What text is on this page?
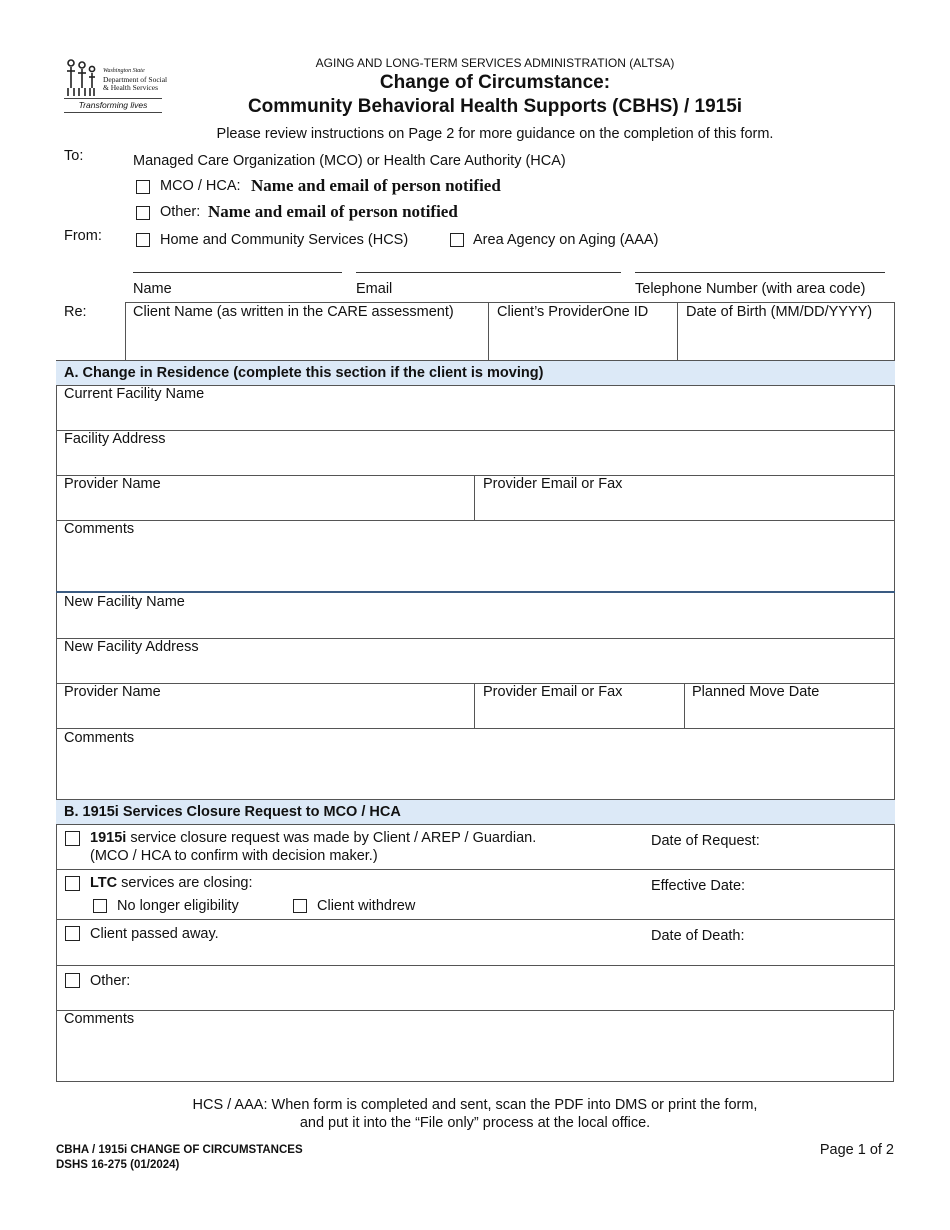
Washington State
Department of Social
& Health Services
Transforming lives
AGING AND LONG-TERM SERVICES ADMINISTRATION (ALTSA)
Change of Circumstance:
Community Behavioral Health Supports (CBHS) / 1915i
Please review instructions on Page 2 for more guidance on the completion of this form.
To:	Managed Care Organization (MCO) or Health Care Authority (HCA)
MCO / HCA: Name and email of person notified
Other: Name and email of person notified
From:	Home and Community Services (HCS)	Area Agency on Aging (AAA)
Name	Email	Telephone Number (with area code)
Re:	Client Name (as written in the CARE assessment)	Client’s ProviderOne ID	Date of Birth (MM/DD/YYYY)
A. Change in Residence (complete this section if the client is moving)
Current Facility Name
Facility Address
Provider Name	Provider Email or Fax
Comments
New Facility Name
New Facility Address
Provider Name	Provider Email or Fax	Planned Move Date
Comments
B. 1915i Services Closure Request to MCO / HCA
1915i service closure request was made by Client / AREP / Guardian.
(MCO / HCA to confirm with decision maker.)
Date of Request:
LTC services are closing:
No longer eligibility	Client withdrew
Effective Date:
Client passed away.	Date of Death:
Other:
Comments
HCS / AAA: When form is completed and sent, scan the PDF into DMS or print the form,
and put it into the “File only” process at the local office.
CBHA / 1915i CHANGE OF CIRCUMSTANCES
DSHS 16-275 (01/2024)
Page 1 of 2
